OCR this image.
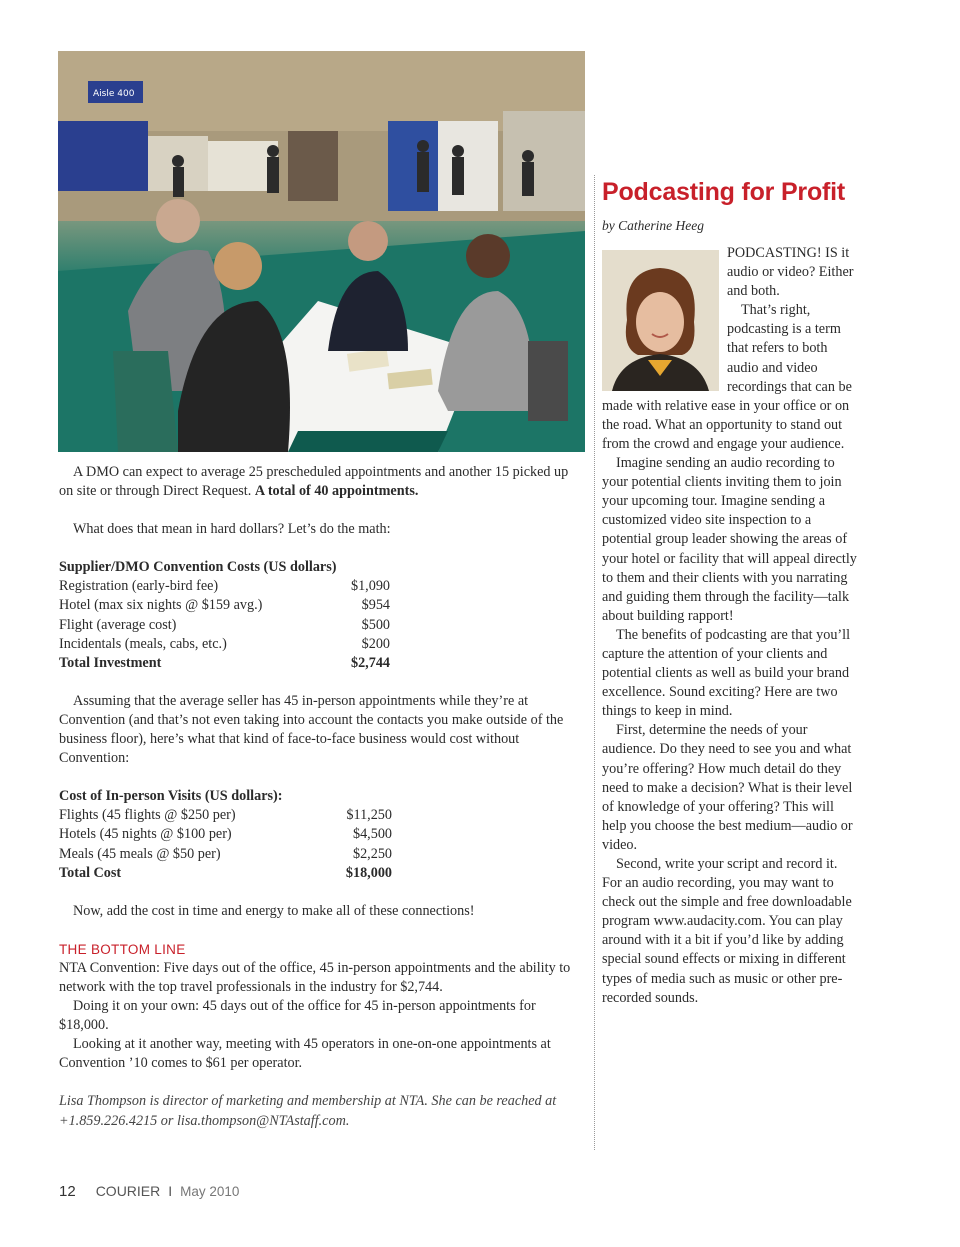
Aisle 400

A DMO can expect to average 25 prescheduled appointments and another 15 picked up on site or through Direct Request. A total of 40 appointments.

What does that mean in hard dollars? Let’s do the math:

Supplier/DMO Convention Costs (US dollars)
Registration (early-bird fee)	$1,090
Hotel (max six nights @ $159 avg.)	$954
Flight (average cost)	$500
Incidentals (meals, cabs, etc.)	$200
Total Investment	$2,744

Assuming that the average seller has 45 in-person appointments while they’re at Convention (and that’s not even taking into account the contacts you make outside of the business floor), here’s what that kind of face-to-face business would cost without Convention:

Cost of In-person Visits (US dollars):
Flights (45 flights @ $250 per)	$11,250
Hotels (45 nights @ $100 per)	$4,500
Meals (45 meals @ $50 per)	$2,250
Total Cost	$18,000

Now, add the cost in time and energy to make all of these connections!

THE BOTTOM LINE

NTA Convention: Five days out of the office, 45 in-person appointments and the ability to network with the top travel professionals in the industry for $2,744.

Doing it on your own: 45 days out of the office for 45 in-person appointments for $18,000.

Looking at it another way, meeting with 45 operators in one-on-one appointments at Convention ’10 comes to $61 per operator.

Lisa Thompson is director of marketing and membership at NTA. She can be reached at +1.859.226.4215 or lisa.thompson@NTAstaff.com.

Podcasting for Profit
by Catherine Heeg

PODCASTING! IS it audio or video? Either and both.

That’s right, podcasting is a term that refers to both audio and video recordings that can be made with relative ease in your office or on the road. What an opportunity to stand out from the crowd and engage your audience.

Imagine sending an audio recording to your potential clients inviting them to join your upcoming tour. Imagine sending a customized video site inspection to a potential group leader showing the areas of your hotel or facility that will appeal directly to them and their clients with you narrating and guiding them through the facility—talk about building rapport!

The benefits of podcasting are that you’ll capture the attention of your clients and potential clients as well as build your brand excellence. Sound exciting? Here are two things to keep in mind.

First, determine the needs of your audience. Do they need to see you and what you’re offering? How much detail do they need to make a decision? What is their level of knowledge of your offering? This will help you choose the best medium—audio or video.

Second, write your script and record it. For an audio recording, you may want to check out the simple and free downloadable program www.audacity.com. You can play around with it a bit if you’d like by adding special sound effects or mixing in different types of media such as music or other pre-recorded sounds.

12 COURIER I May 2010
